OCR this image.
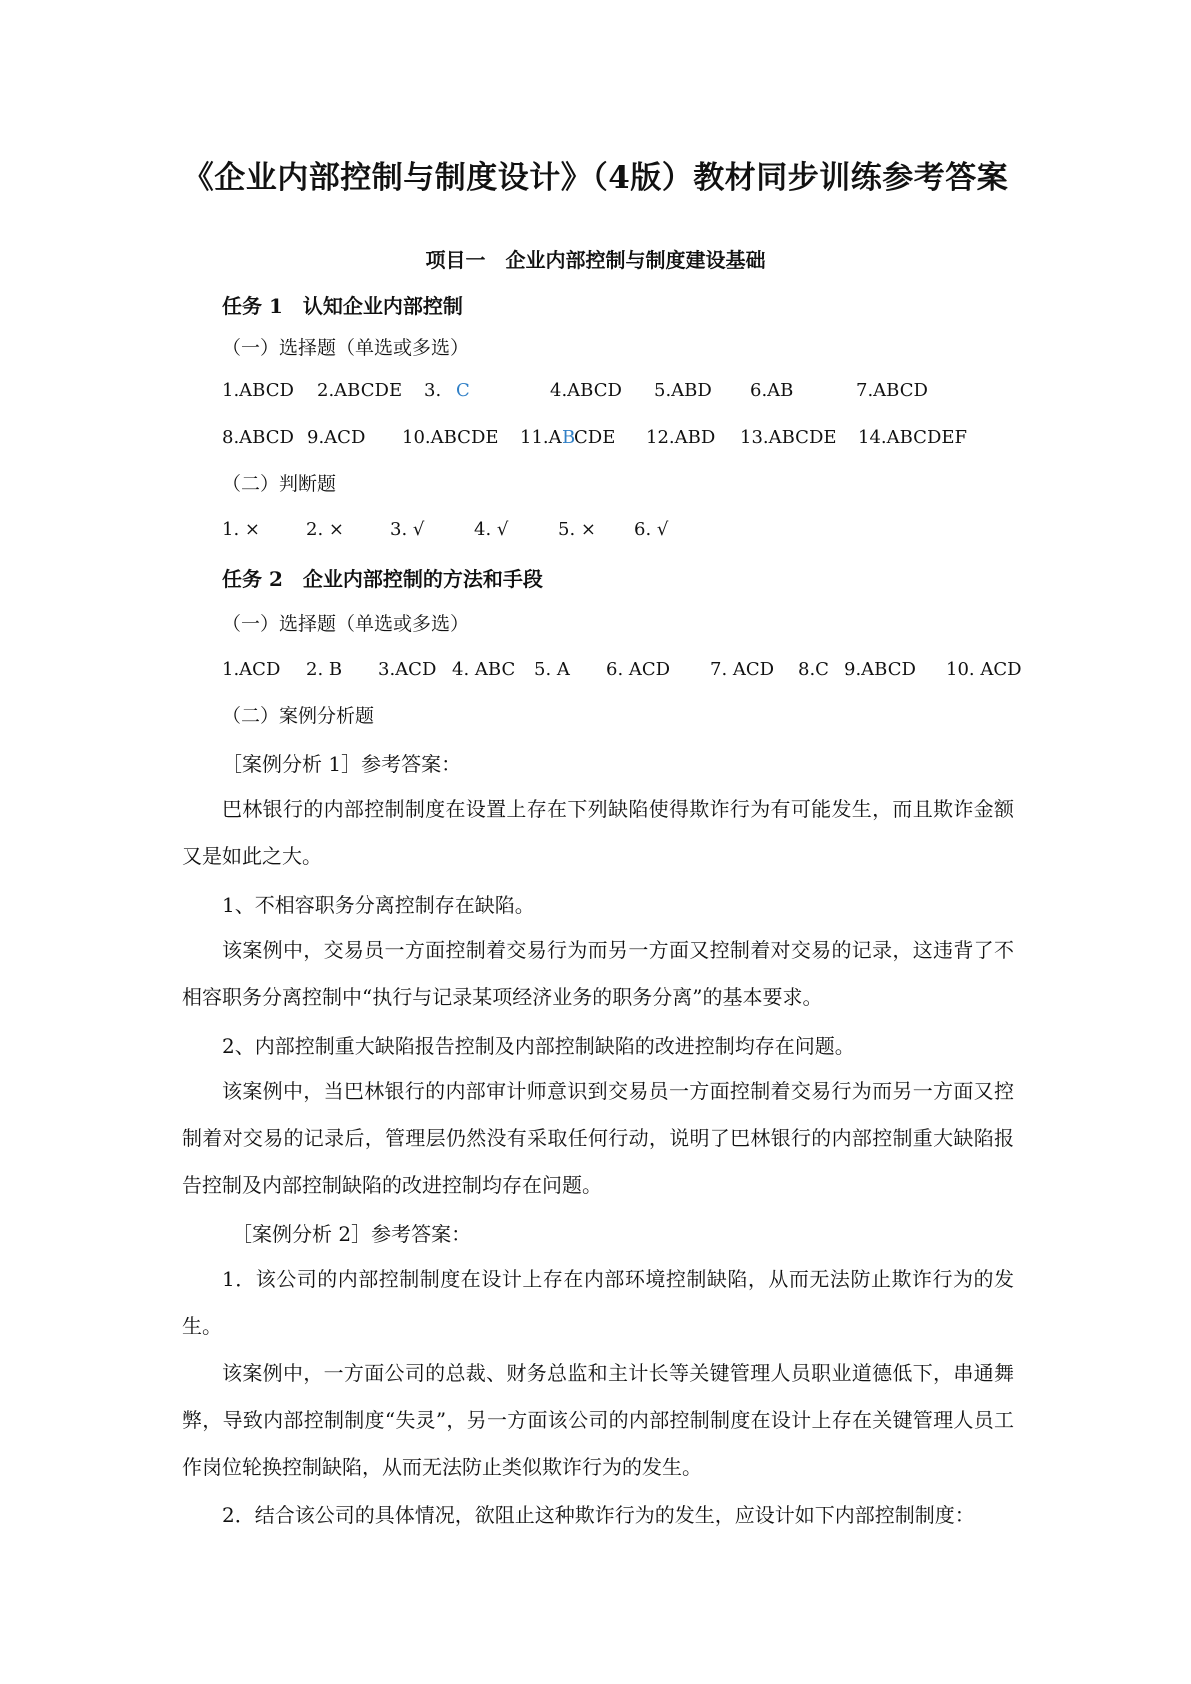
《企业内部控制与制度设计》（4版）教材同步训练参考答案
项目一　企业内部控制与制度建设基础
任务 1　认知企业内部控制
（一）选择题（单选或多选）
1.ABCD 2.ABCDE 3. C	4.ABCD 5.ABD 6.AB	7.ABCD
8.ABCD 9.ACD 10.ABCDE 11.A B
CDE 12.ABD 13.ABCDE 14.ABCDEF
（二）判断题
1. ×	2. ×	3. √	4. √	5. × 6. √
任务 2　企业内部控制的方法和手段
（一）选择题（单选或多选）
1.ACD 2. B 3.ACD 4. ABC 5. A 6. ACD 7. ACD 8.C 9.ABCD 10. ACD
（二）案例分析题
［案例分析 1］参考答案：

巴林银行的内部控制制度在设置上存在下列缺陷使得欺诈行为有可能发生，而且欺诈金额又是如此之大。

1、不相容职务分离控制存在缺陷。

该案例中，交易员一方面控制着交易行为而另一方面又控制着对交易的记录，这违背了不相容职务分离控制中“执行与记录某项经济业务的职务分离”的基本要求。

2、内部控制重大缺陷报告控制及内部控制缺陷的改进控制均存在问题。

该案例中，当巴林银行的内部审计师意识到交易员一方面控制着交易行为而另一方面又控制着对交易的记录后，管理层仍然没有采取任何行动，说明了巴林银行的内部控制重大缺陷报告控制及内部控制缺陷的改进控制均存在问题。

［案例分析 2］参考答案：

1．该公司的内部控制制度在设计上存在内部环境控制缺陷，从而无法防止欺诈行为的发生。

该案例中，一方面公司的总裁、财务总监和主计长等关键管理人员职业道德低下，串通舞弊，导致内部控制制度“失灵”，另一方面该公司的内部控制制度在设计上存在关键管理人员工作岗位轮换控制缺陷，从而无法防止类似欺诈行为的发生。

2．结合该公司的具体情况，欲阻止这种欺诈行为的发生，应设计如下内部控制制度：
